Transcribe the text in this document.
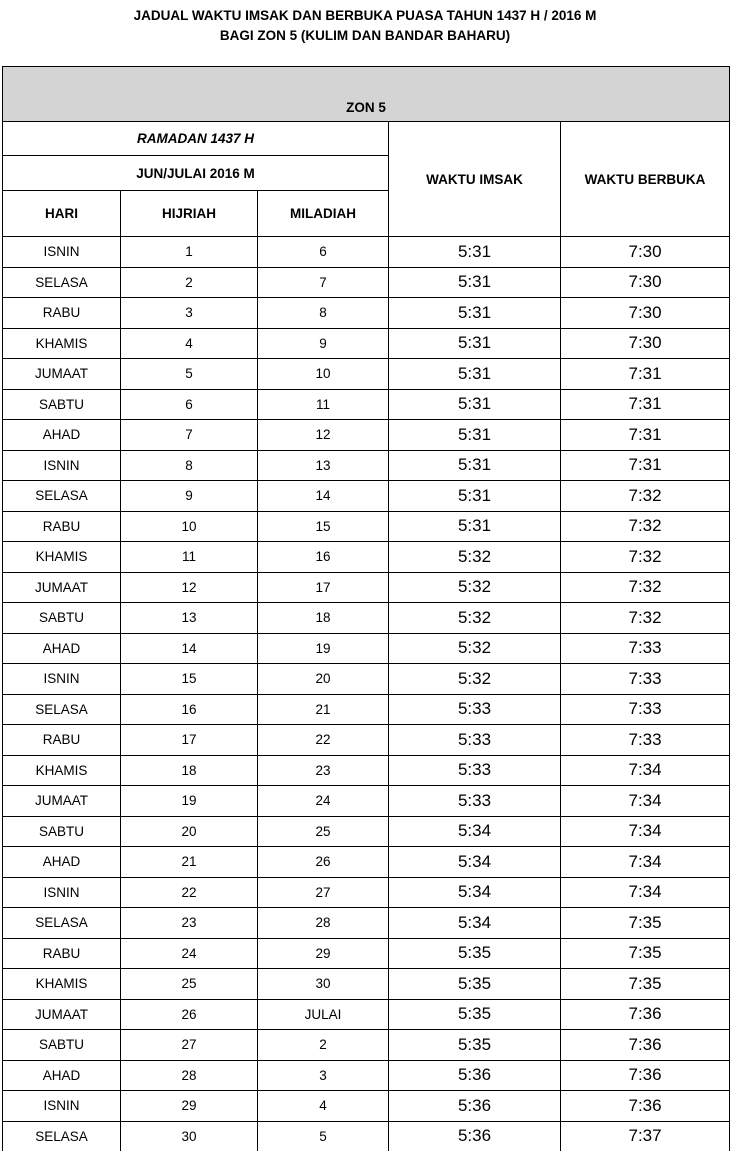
JADUAL WAKTU IMSAK DAN BERBUKA PUASA TAHUN 1437 H / 2016 M
BAGI ZON 5 (KULIM DAN BANDAR BAHARU)
ZON 5				
RAMADAN 1437 H			WAKTU IMSAK	WAKTU BERBUKA
JUN/JULAI 2016 M				
HARI	HIJRIAH	MILADIAH		
ISNIN	1	6	5:31	7:30
SELASA	2	7	5:31	7:30
RABU	3	8	5:31	7:30
KHAMIS	4	9	5:31	7:30
JUMAAT	5	10	5:31	7:31
SABTU	6	11	5:31	7:31
AHAD	7	12	5:31	7:31
ISNIN	8	13	5:31	7:31
SELASA	9	14	5:31	7:32
RABU	10	15	5:31	7:32
KHAMIS	11	16	5:32	7:32
JUMAAT	12	17	5:32	7:32
SABTU	13	18	5:32	7:32
AHAD	14	19	5:32	7:33
ISNIN	15	20	5:32	7:33
SELASA	16	21	5:33	7:33
RABU	17	22	5:33	7:33
KHAMIS	18	23	5:33	7:34
JUMAAT	19	24	5:33	7:34
SABTU	20	25	5:34	7:34
AHAD	21	26	5:34	7:34
ISNIN	22	27	5:34	7:34
SELASA	23	28	5:34	7:35
RABU	24	29	5:35	7:35
KHAMIS	25	30	5:35	7:35
JUMAAT	26	JULAI	5:35	7:36
SABTU	27	2	5:35	7:36
AHAD	28	3	5:36	7:36
ISNIN	29	4	5:36	7:36
SELASA	30	5	5:36	7:37
